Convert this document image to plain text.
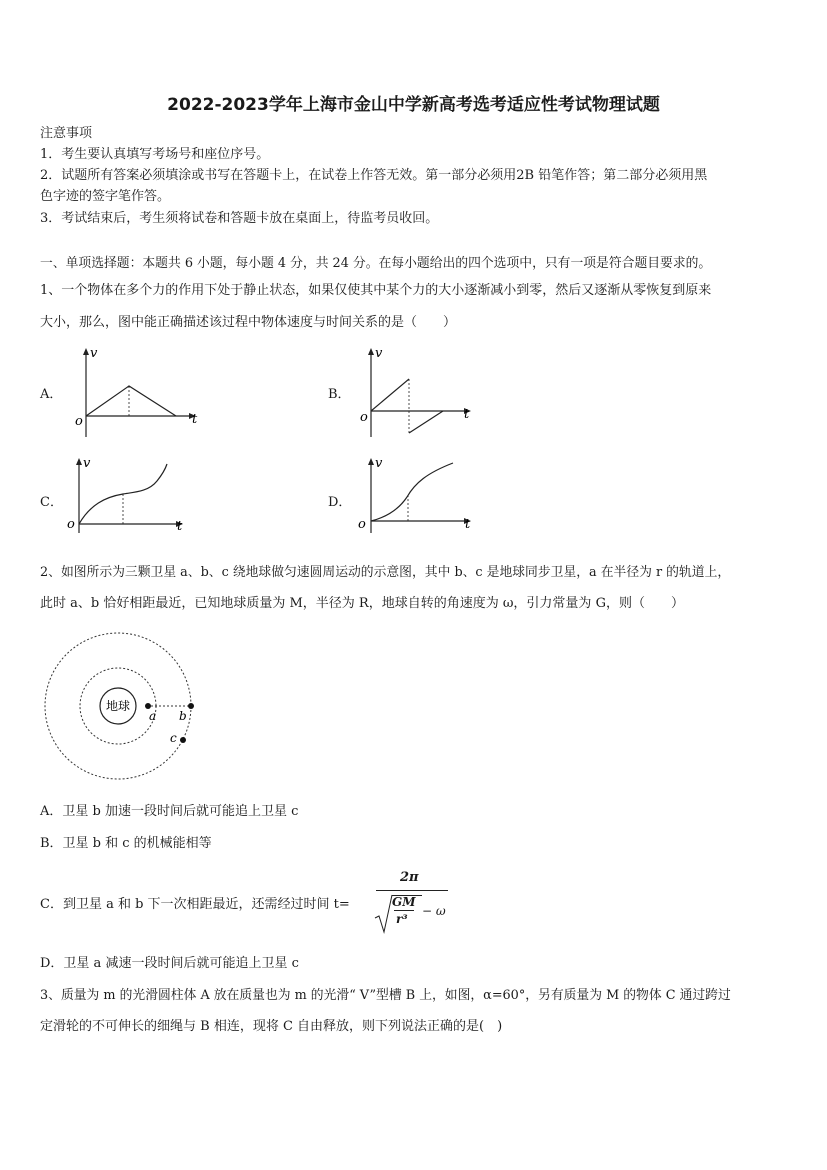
2022-2023学年上海市金山中学新高考选考适应性考试物理试题
注意事项
1．考生要认真填写考场号和座位序号。
2．试题所有答案必须填涂或书写在答题卡上，在试卷上作答无效。第一部分必须用2B 铅笔作答；第二部分必须用黑
色字迹的签字笔作答。
3．考试结束后，考生须将试卷和答题卡放在桌面上，待监考员收回。
一、单项选择题：本题共 6 小题，每小题 4 分，共 24 分。在每小题给出的四个选项中，只有一项是符合题目要求的。
1、一个物体在多个力的作用下处于静止状态，如果仅使其中某个力的大小逐渐减小到零，然后又逐渐从零恢复到原来
大小，那么，图中能正确描述该过程中物体速度与时间关系的是（　　）
A．	B．
C．	D．
v
t
o
v
t
o
v
t
o
v
t
o
2、如图所示为三颗卫星 a、b、c 绕地球做匀速圆周运动的示意图，其中 b、c 是地球同步卫星，a 在半径为 r 的轨道上，
此时 a、b 恰好相距最近，已知地球质量为 M，半径为 R，地球自转的角速度为 ω，引力常量为 G，则（　　）
地球
a b
c
A．卫星 b 加速一段时间后就可能追上卫星 c
B．卫星 b 和 c 的机械能相等
C．到卫星 a 和 b 下一次相距最近，还需经过时间 t=
2π
GM
r³
− ω
D．卫星 a 减速一段时间后就可能追上卫星 c
3、质量为 m 的光滑圆柱体 A 放在质量也为 m 的光滑“ V”型槽 B 上，如图，α=60°，另有质量为 M 的物体 C 通过跨过
定滑轮的不可伸长的细绳与 B 相连，现将 C 自由释放，则下列说法正确的是(　)
